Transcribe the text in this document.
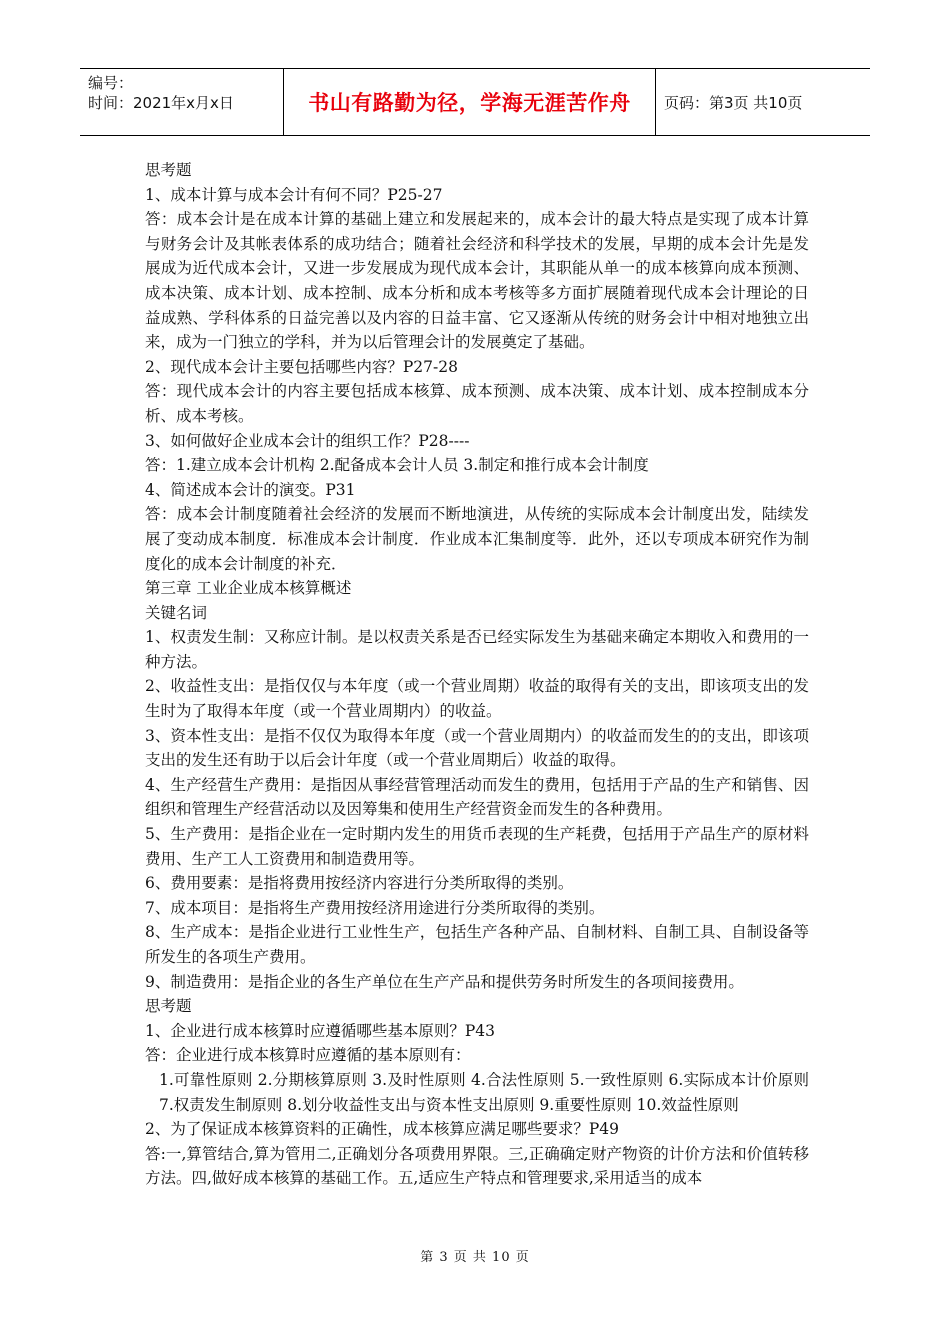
编号：
时间：2021年x月x日	书山有路勤为径，学海无涯苦作舟	页码：第3页 共10页

思考题

1、成本计算与成本会计有何不同？P25-27

答：成本会计是在成本计算的基础上建立和发展起来的，成本会计的最大特点是实现了成本计算与财务会计及其帐表体系的成功结合；随着社会经济和科学技术的发展，早期的成本会计先是发展成为近代成本会计，又进一步发展成为现代成本会计，其职能从单一的成本核算向成本预测、成本决策、成本计划、成本控制、成本分析和成本考核等多方面扩展随着现代成本会计理论的日益成熟、学科体系的日益完善以及内容的日益丰富、它又逐渐从传统的财务会计中相对地独立出来，成为一门独立的学科，并为以后管理会计的发展奠定了基础。

2、现代成本会计主要包括哪些内容？P27-28

答：现代成本会计的内容主要包括成本核算、成本预测、成本决策、成本计划、成本控制成本分析、成本考核。

3、如何做好企业成本会计的组织工作？P28----

答：1.建立成本会计机构 2.配备成本会计人员 3.制定和推行成本会计制度

4、简述成本会计的演变。P31

答：成本会计制度随着社会经济的发展而不断地演进，从传统的实际成本会计制度出发，陆续发展了变动成本制度．标准成本会计制度．作业成本汇集制度等．此外，还以专项成本研究作为制度化的成本会计制度的补充．

第三章 工业企业成本核算概述

关键名词

1、权责发生制：又称应计制。是以权责关系是否已经实际发生为基础来确定本期收入和费用的一种方法。

2、收益性支出：是指仅仅与本年度（或一个营业周期）收益的取得有关的支出，即该项支出的发生时为了取得本年度（或一个营业周期内）的收益。

3、资本性支出：是指不仅仅为取得本年度（或一个营业周期内）的收益而发生的的支出，即该项支出的发生还有助于以后会计年度（或一个营业周期后）收益的取得。

4、生产经营生产费用：是指因从事经营管理活动而发生的费用，包括用于产品的生产和销售、因组织和管理生产经营活动以及因筹集和使用生产经营资金而发生的各种费用。

5、生产费用：是指企业在一定时期内发生的用货币表现的生产耗费，包括用于产品生产的原材料费用、生产工人工资费用和制造费用等。

6、费用要素：是指将费用按经济内容进行分类所取得的类别。

7、成本项目：是指将生产费用按经济用途进行分类所取得的类别。

8、生产成本：是指企业进行工业性生产，包括生产各种产品、自制材料、自制工具、自制设备等所发生的各项生产费用。

9、制造费用：是指企业的各生产单位在生产产品和提供劳务时所发生的各项间接费用。

思考题

1、企业进行成本核算时应遵循哪些基本原则？P43

答：企业进行成本核算时应遵循的基本原则有：

1.可靠性原则 2.分期核算原则 3.及时性原则 4.合法性原则 5.一致性原则 6.实际成本计价原则 7.权责发生制原则 8.划分收益性支出与资本性支出原则 9.重要性原则 10.效益性原则

2、为了保证成本核算资料的正确性，成本核算应满足哪些要求？P49

答:一,算管结合,算为管用二,正确划分各项费用界限。三,正确确定财产物资的计价方法和价值转移方法。四,做好成本核算的基础工作。五,适应生产特点和管理要求,采用适当的成本

第 3 页 共 10 页
